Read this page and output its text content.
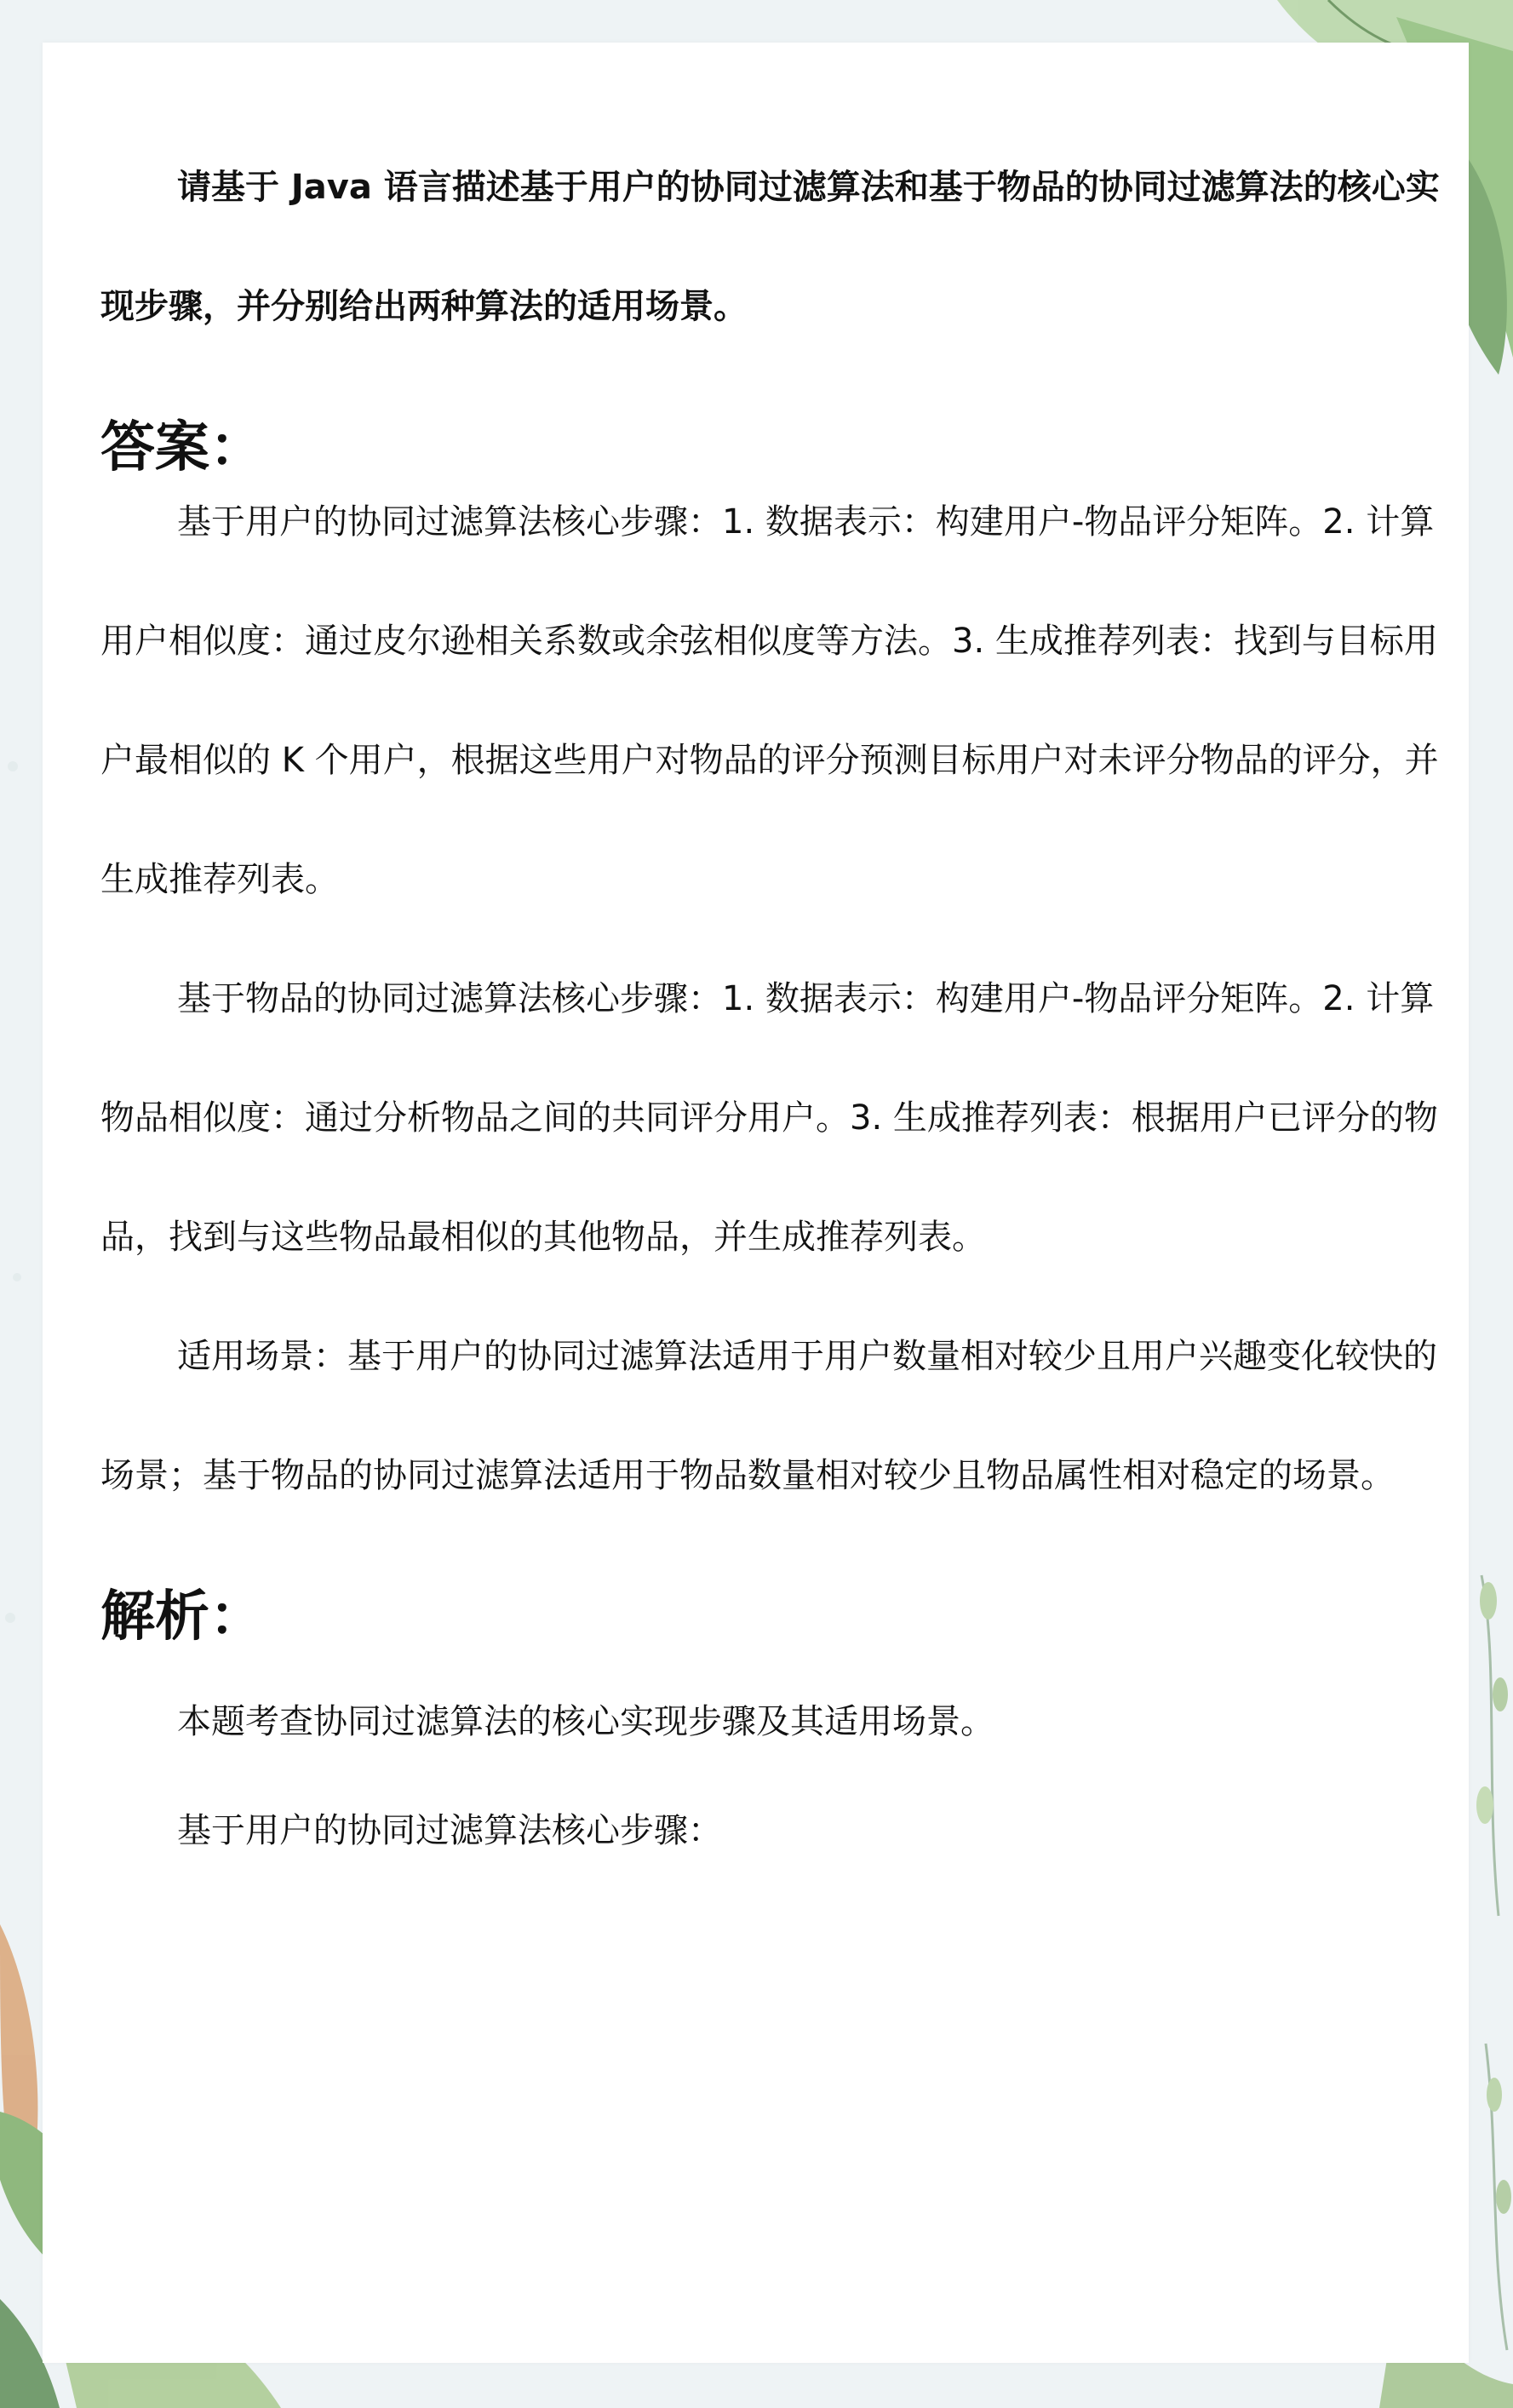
请基于 Java 语言描述基于用户的协同过滤算法和基于物品的协同过滤算法的核心实现步骤，并分别给出两种算法的适用场景。

答案：

基于用户的协同过滤算法核心步骤：1. 数据表示：构建用户-物品评分矩阵。2. 计算用户相似度：通过皮尔逊相关系数或余弦相似度等方法。3. 生成推荐列表：找到与目标用户最相似的 K 个用户，根据这些用户对物品的评分预测目标用户对未评分物品的评分，并生成推荐列表。

基于物品的协同过滤算法核心步骤：1. 数据表示：构建用户-物品评分矩阵。2. 计算物品相似度：通过分析物品之间的共同评分用户。3. 生成推荐列表：根据用户已评分的物品，找到与这些物品最相似的其他物品，并生成推荐列表。

适用场景：基于用户的协同过滤算法适用于用户数量相对较少且用户兴趣变化较快的场景；基于物品的协同过滤算法适用于物品数量相对较少且物品属性相对稳定的场景。

解析：

本题考查协同过滤算法的核心实现步骤及其适用场景。

基于用户的协同过滤算法核心步骤：
